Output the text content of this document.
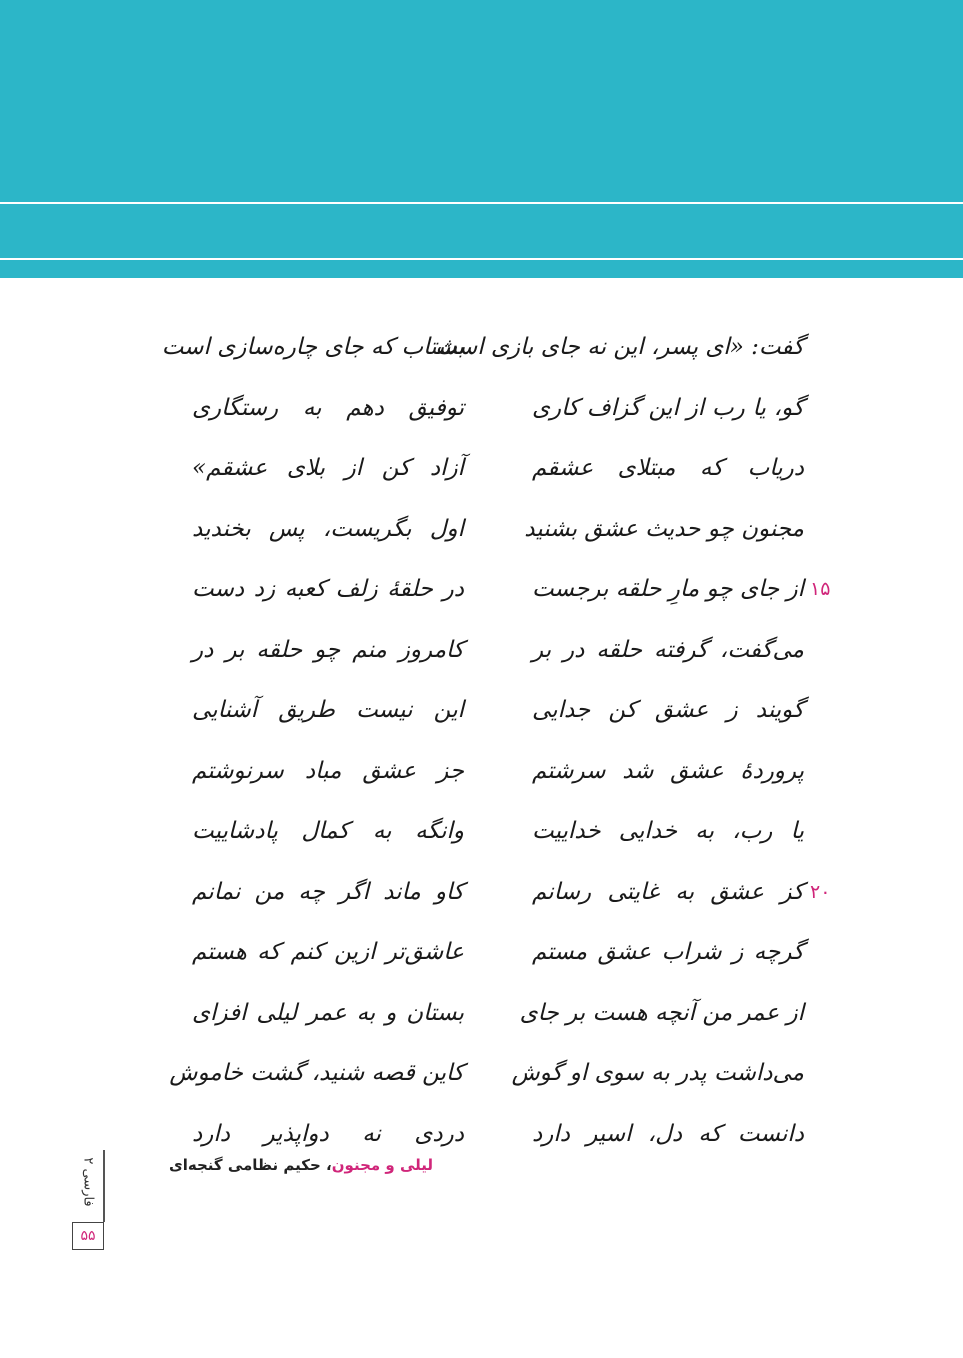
گفت: «ای پسر، این نه جای بازی است
بشتاب که جای چاره‌سازی است
گو، یا رب از این گزاف کاری
توفیق دهم به رستگاری
دریاب که مبتلای عشقم
آزاد کن از بلای عشقم»
مجنون چو حدیث عشق بشنید
اول بگریست، پس بخندید
از جای چو مارِ حلقه برجست
در حلقهٔ زلف کعبه زد دست	۱۵
می‌گفت، گرفته حلقه در بر
کامروز منم چو حلقه بر در
گویند ز عشق کن جدایی
این نیست طریق آشنایی
پروردهٔ عشق شد سرشتم
جز عشق مباد سرنوشتم
یا رب، به خدایی خداییت
وانگه به کمال پادشاییت
کز عشق به غایتی رسانم
کاو ماند اگر چه من نمانم	۲۰
گرچه ز شراب عشق مستم
عاشق‌تر ازین کنم که هستم
از عمر من آنچه هست بر جای
بستان و به عمر لیلی افزای
می‌داشت پدر به سوی او گوش
کاین قصه شنید، گشت خاموش
دانست که دل، اسیر دارد
دردی نه دواپذیر دارد
لیلی و مجنون، حکیم نظامی گنجه‌ای
فارسی ۲
۵۵
